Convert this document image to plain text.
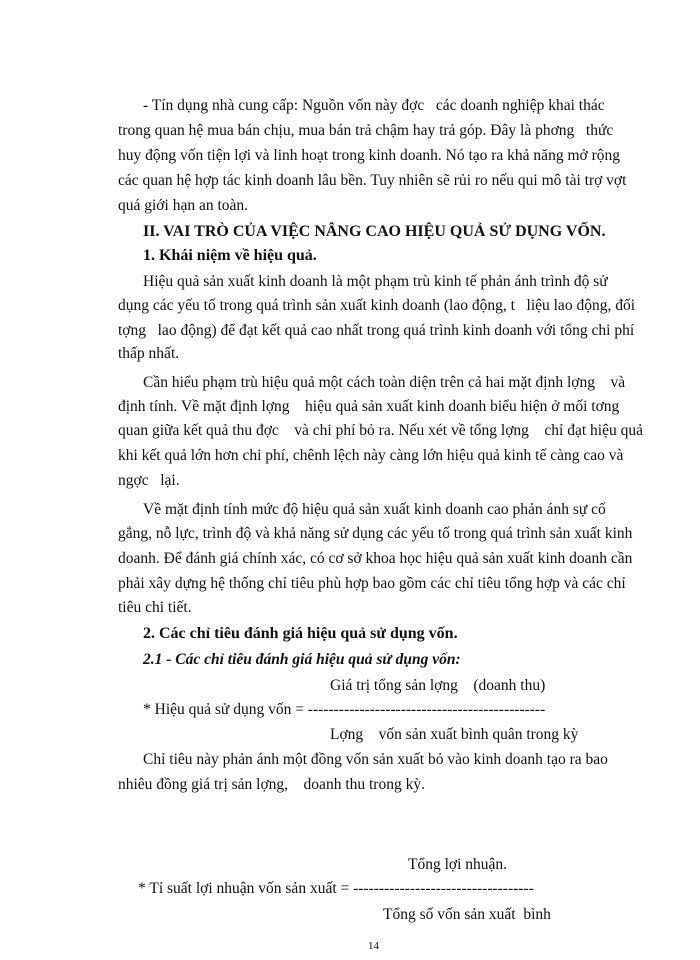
- Tín dụng nhà cung cấp: Nguồn vốn này đợc   các doanh nghiệp khai thác
trong quan hệ mua bán chịu, mua bán trả chậm hay trả góp. Đây là phơng   thức
huy động vốn tiện lợi và linh hoạt trong kinh doanh. Nó tạo ra khả năng mở rộng
các quan hệ hợp tác kinh doanh lâu bền. Tuy nhiên sẽ rủi ro nếu qui mô tài trợ vợt
quá giới hạn an toàn.
II. VAI TRÒ CỦA VIỆC NÂNG CAO HIỆU QUẢ SỬ DỤNG VỐN.
1. Khái niệm về hiệu quả.
Hiệu quả sản xuất kinh doanh là một phạm trù kinh tế phản ánh trình độ sử
dụng các yếu tố trong quá trình sản xuất kinh doanh (lao động, t   liệu lao động, đối
tợng   lao động) để đạt kết quả cao nhất trong quá trình kinh doanh với tổng chi phí
thấp nhất.
Cần hiểu phạm trù hiệu quả một cách toàn diện trên cả hai mặt định lợng    và
định tính. Về mặt định lợng    hiệu quả sản xuất kinh doanh biểu hiện ở mối tơng
quan giữa kết quả thu đợc    và chi phí bỏ ra. Nếu xét về tổng lợng    chỉ đạt hiệu quả
khi kết quả lớn hơn chi phí, chênh lệch này càng lớn hiệu quả kinh tế càng cao và
ngợc   lại.
Về mặt định tính mức độ hiệu quả sản xuất kinh doanh cao phản ánh sự cố
gắng, nỗ lực, trình độ và khả năng sử dụng các yếu tố trong quá trình sản xuất kinh
doanh. Để đánh giá chính xác, có cơ sở khoa học hiệu quả sản xuất kinh doanh cần
phải xây dựng hệ thống chỉ tiêu phù hợp bao gồm các chỉ tiêu tổng hợp và các chỉ
tiêu chi tiết.
2. Các chỉ tiêu đánh giá hiệu quả sử dụng vốn.
2.1 - Các chỉ tiêu đánh giá hiệu quả sử dụng vốn:
Giá trị tổng sản lợng    (doanh thu)
* Hiệu quả sử dụng vốn = ----------------------------------------------
Lợng    vốn sản xuất bình quân trong kỳ
Chỉ tiêu này phản ánh một đồng vốn sản xuất bỏ vào kinh doanh tạo ra bao
nhiêu đồng giá trị sản lợng,    doanh thu trong kỳ.
Tổng lợi nhuận.
* Tỉ suất lợi nhuận vốn sản xuất = -----------------------------------
Tổng số vốn sản xuất  bình
14
